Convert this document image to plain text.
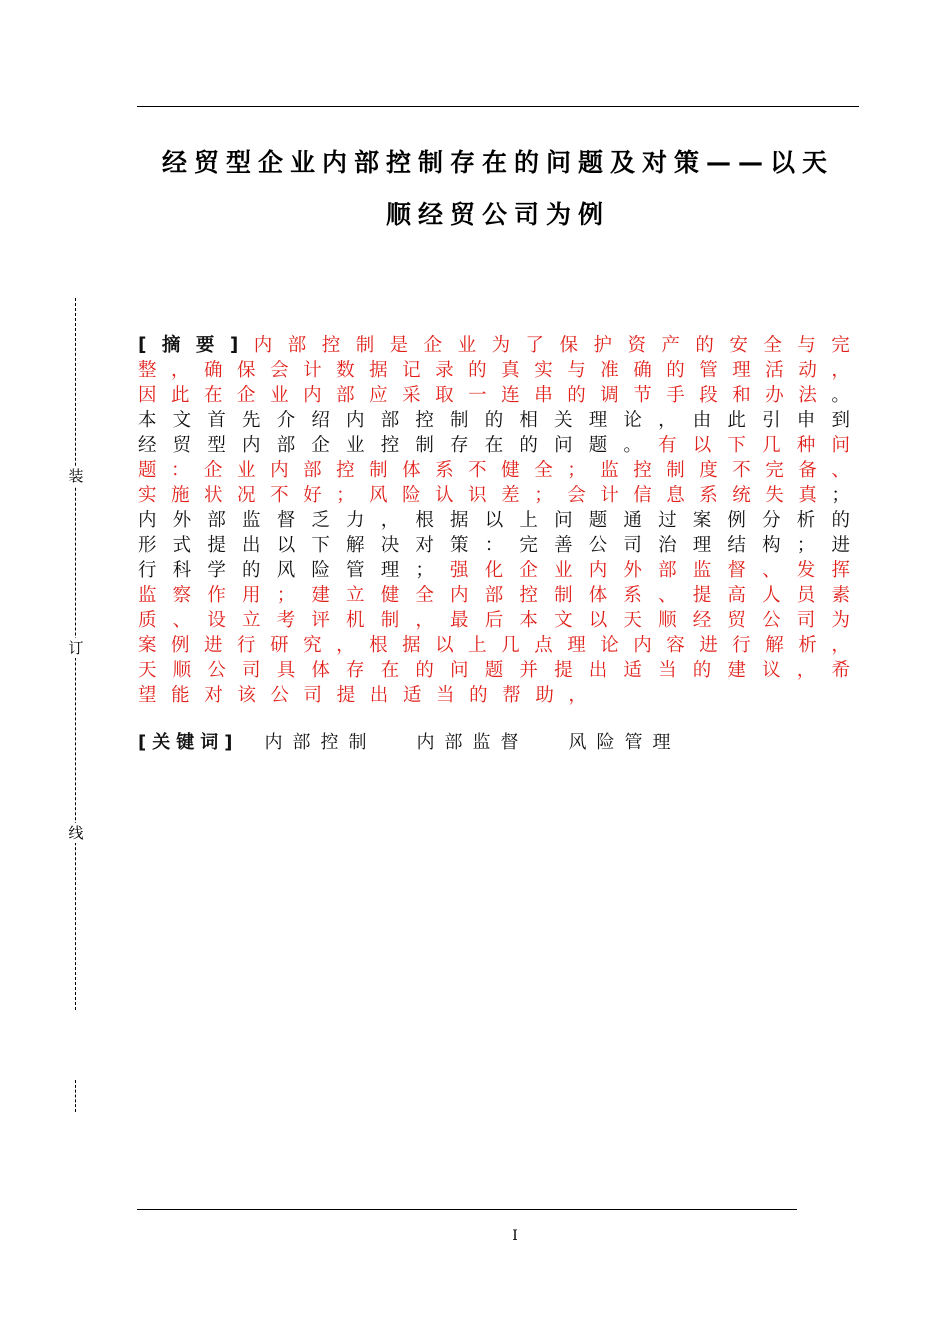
经贸型企业内部控制存在的问题及对策——以天
顺经贸公司为例
装
订
线
[ 摘 要 ] 内 部 控 制 是 企 业 为 了 保 护 资 产 的 安 全 与 完
整 ， 确 保 会 计 数 据 记 录 的 真 实 与 准 确 的 管 理 活 动 ，
因 此 在 企 业 内 部 应 采 取 一 连 串 的 调 节 手 段 和 办 法 。
本 文 首 先 介 绍 内 部 控 制 的 相 关 理 论 ， 由 此 引 申 到
经 贸 型 内 部 企 业 控 制 存 在 的 问 题 。 有 以 下 几 种 问
题 ： 企 业 内 部 控 制 体 系 不 健 全 ； 监 控 制 度 不 完 备 、
实 施 状 况 不 好 ； 风 险 认 识 差 ； 会 计 信 息 系 统 失 真 ；
内 外 部 监 督 乏 力 ， 根 据 以 上 问 题 通 过 案 例 分 析 的
形 式 提 出 以 下 解 决 对 策 ： 完 善 公 司 治 理 结 构 ； 进
行 科 学 的 风 险 管 理 ； 强 化 企 业 内 外 部 监 督 、 发 挥
监 察 作 用 ； 建 立 健 全 内 部 控 制 体 系 、 提 高 人 员 素
质 、 设 立 考 评 机 制 ， 最 后 本 文 以 天 顺 经 贸 公 司 为
案 例 进 行 研 究 ， 根 据 以 上 几 点 理 论 内 容 进 行 解 析 ，
天 顺 公 司 具 体 存 在 的 问 题 并 提 出 适 当 的 建 议 ， 希
望 能 对 该 公 司 提 出 适 当 的 帮 助 ，
[关键词] 内部控制 内部监督 风险管理
I
